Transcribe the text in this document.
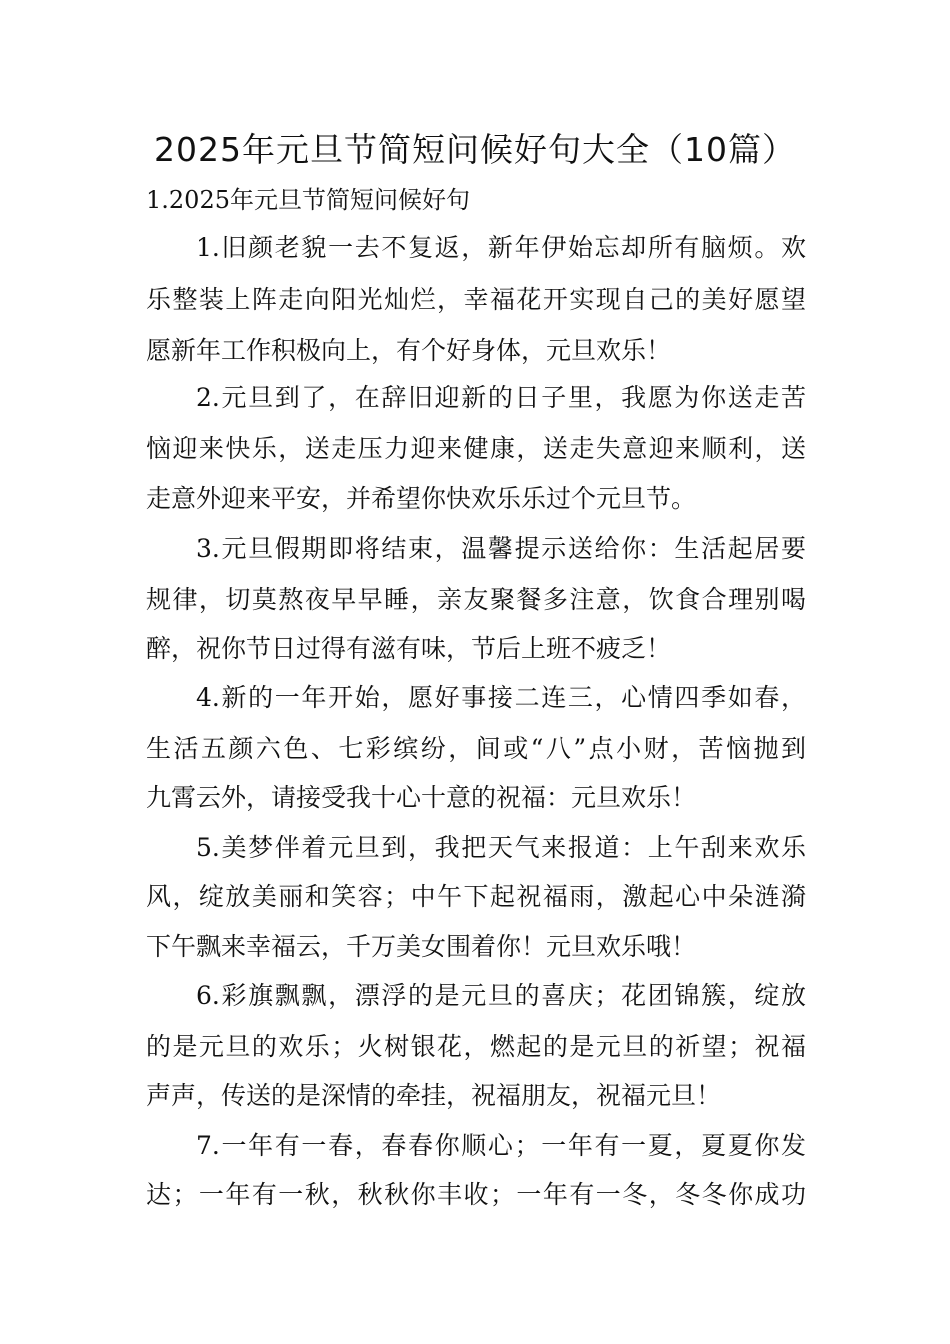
2025年元旦节简短问候好句大全（10篇）
1.2025年元旦节简短问候好句
1.旧颜老貌一去不复返，新年伊始忘却所有脑烦。欢
乐整装上阵走向阳光灿烂，幸福花开实现自己的美好愿望
愿新年工作积极向上，有个好身体，元旦欢乐！
2.元旦到了，在辞旧迎新的日子里，我愿为你送走苦
恼迎来快乐，送走压力迎来健康，送走失意迎来顺利，送
走意外迎来平安，并希望你快欢乐乐过个元旦节。
3.元旦假期即将结束，温馨提示送给你：生活起居要
规律，切莫熬夜早早睡，亲友聚餐多注意，饮食合理别喝
醉，祝你节日过得有滋有味，节后上班不疲乏！
4.新的一年开始，愿好事接二连三，心情四季如春，
生活五颜六色、七彩缤纷，间或“八”点小财，苦恼抛到
九霄云外，请接受我十心十意的祝福：元旦欢乐！
5.美梦伴着元旦到，我把天气来报道：上午刮来欢乐
风，绽放美丽和笑容；中午下起祝福雨，激起心中朵涟漪
下午飘来幸福云，千万美女围着你！元旦欢乐哦！
6.彩旗飘飘，漂浮的是元旦的喜庆；花团锦簇，绽放
的是元旦的欢乐；火树银花，燃起的是元旦的祈望；祝福
声声，传送的是深情的牵挂，祝福朋友，祝福元旦！
7.一年有一春，春春你顺心；一年有一夏，夏夏你发
达；一年有一秋，秋秋你丰收；一年有一冬，冬冬你成功
